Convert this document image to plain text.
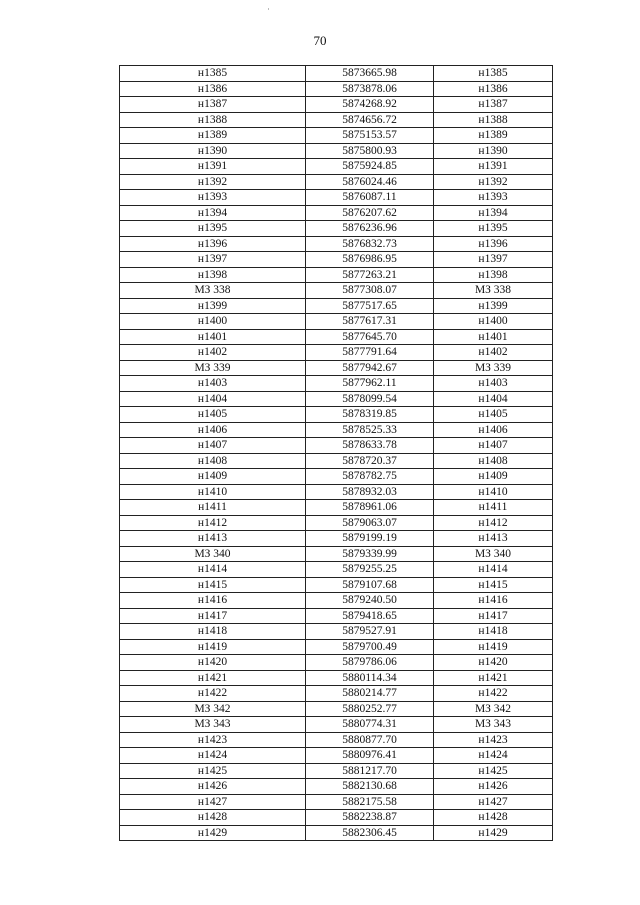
70
н1385	5873665.98	н1385
н1386	5873878.06	н1386
н1387	5874268.92	н1387
н1388	5874656.72	н1388
н1389	5875153.57	н1389
н1390	5875800.93	н1390
н1391	5875924.85	н1391
н1392	5876024.46	н1392
н1393	5876087.11	н1393
н1394	5876207.62	н1394
н1395	5876236.96	н1395
н1396	5876832.73	н1396
н1397	5876986.95	н1397
н1398	5877263.21	н1398
МЗ 338	5877308.07	МЗ 338
н1399	5877517.65	н1399
н1400	5877617.31	н1400
н1401	5877645.70	н1401
н1402	5877791.64	н1402
МЗ 339	5877942.67	МЗ 339
н1403	5877962.11	н1403
н1404	5878099.54	н1404
н1405	5878319.85	н1405
н1406	5878525.33	н1406
н1407	5878633.78	н1407
н1408	5878720.37	н1408
н1409	5878782.75	н1409
н1410	5878932.03	н1410
н1411	5878961.06	н1411
н1412	5879063.07	н1412
н1413	5879199.19	н1413
МЗ 340	5879339.99	МЗ 340
н1414	5879255.25	н1414
н1415	5879107.68	н1415
н1416	5879240.50	н1416
н1417	5879418.65	н1417
н1418	5879527.91	н1418
н1419	5879700.49	н1419
н1420	5879786.06	н1420
н1421	5880114.34	н1421
н1422	5880214.77	н1422
МЗ 342	5880252.77	МЗ 342
МЗ 343	5880774.31	МЗ 343
н1423	5880877.70	н1423
н1424	5880976.41	н1424
н1425	5881217.70	н1425
н1426	5882130.68	н1426
н1427	5882175.58	н1427
н1428	5882238.87	н1428
н1429	5882306.45	н1429
